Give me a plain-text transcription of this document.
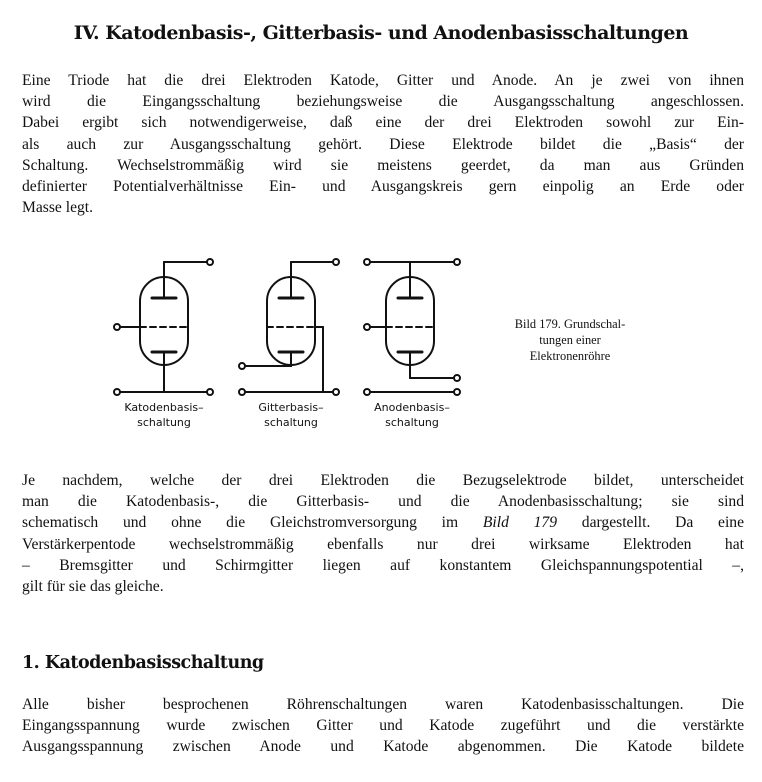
IV. Katodenbasis-, Gitterbasis- und Anodenbasisschaltungen

Eine Triode hat die drei Elektroden Katode, Gitter und Anode. An je zwei von ihnen
wird die Eingangsschaltung beziehungsweise die Ausgangsschaltung angeschlossen.
Dabei ergibt sich notwendigerweise, daß eine der drei Elektroden sowohl zur Ein-
als auch zur Ausgangsschaltung gehört. Diese Elektrode bildet die „Basis“ der
Schaltung. Wechselstrommäßig wird sie meistens geerdet, da man aus Gründen
definierter Potentialverhältnisse Ein- und Ausgangskreis gern einpolig an Erde oder
Masse legt.

Katodenbasis–
schaltung
Gitterbasis–
schaltung
Anodenbasis–
schaltung
Bild 179. Grundschal-
tungen einer
Elektronenröhre

Je nachdem, welche der drei Elektroden die Bezugselektrode bildet, unterscheidet
man die Katodenbasis-, die Gitterbasis- und die Anodenbasisschaltung; sie sind
schematisch und ohne die Gleichstromversorgung im Bild 179 dargestellt. Da eine
Verstärkerpentode wechselstrommäßig ebenfalls nur drei wirksame Elektroden hat
– Bremsgitter und Schirmgitter liegen auf konstantem Gleichspannungspotential –,
gilt für sie das gleiche.

1. Katodenbasisschaltung

Alle bisher besprochenen Röhrenschaltungen waren Katodenbasisschaltungen. Die
Eingangsspannung wurde zwischen Gitter und Katode zugeführt und die verstärkte
Ausgangsspannung zwischen Anode und Katode abgenommen. Die Katode bildete
